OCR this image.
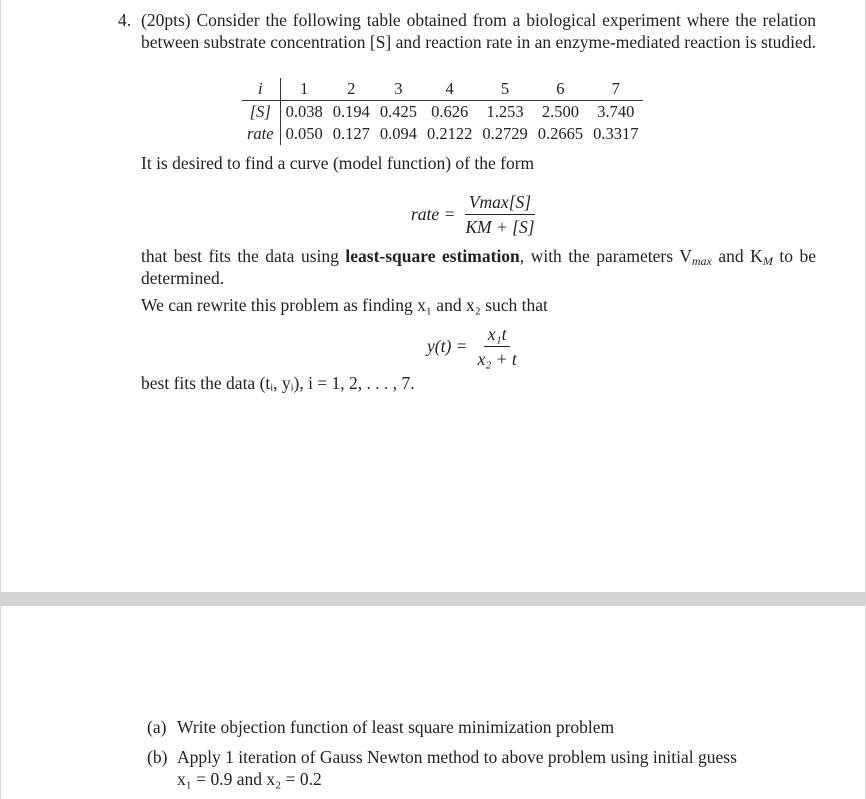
4. (20pts) Consider the following table obtained from a biological experiment where the relation between substrate concentration [S] and reaction rate in an enzyme-mediated reaction is studied.
i	1	2	3	4	5	6	7
[S]	0.038	0.194	0.425	0.626	1.253	2.500	3.740
rate	0.050	0.127	0.094	0.2122	0.2729	0.2665	0.3317
It is desired to find a curve (model function) of the form
rate = $\frac{Vmax[S]}{KM + [S]}$
that best fits the data using least-square estimation, with the parameters $V_{max}$ and $K_M$ to be determined.
We can rewrite this problem as finding x₁ and x₂ such that
$y(t) = \frac{\text{x₁t}}{\text{x₂ + t}}$
best fits the data (tᵢ, yᵢ), i = 1, 2, . . . , 7.
(a) Write objection function of least square minimization problem
(b) Apply 1 iteration of Gauss Newton method to above problem using initial guess
x₁ = 0.9 and x₂ = 0.2
